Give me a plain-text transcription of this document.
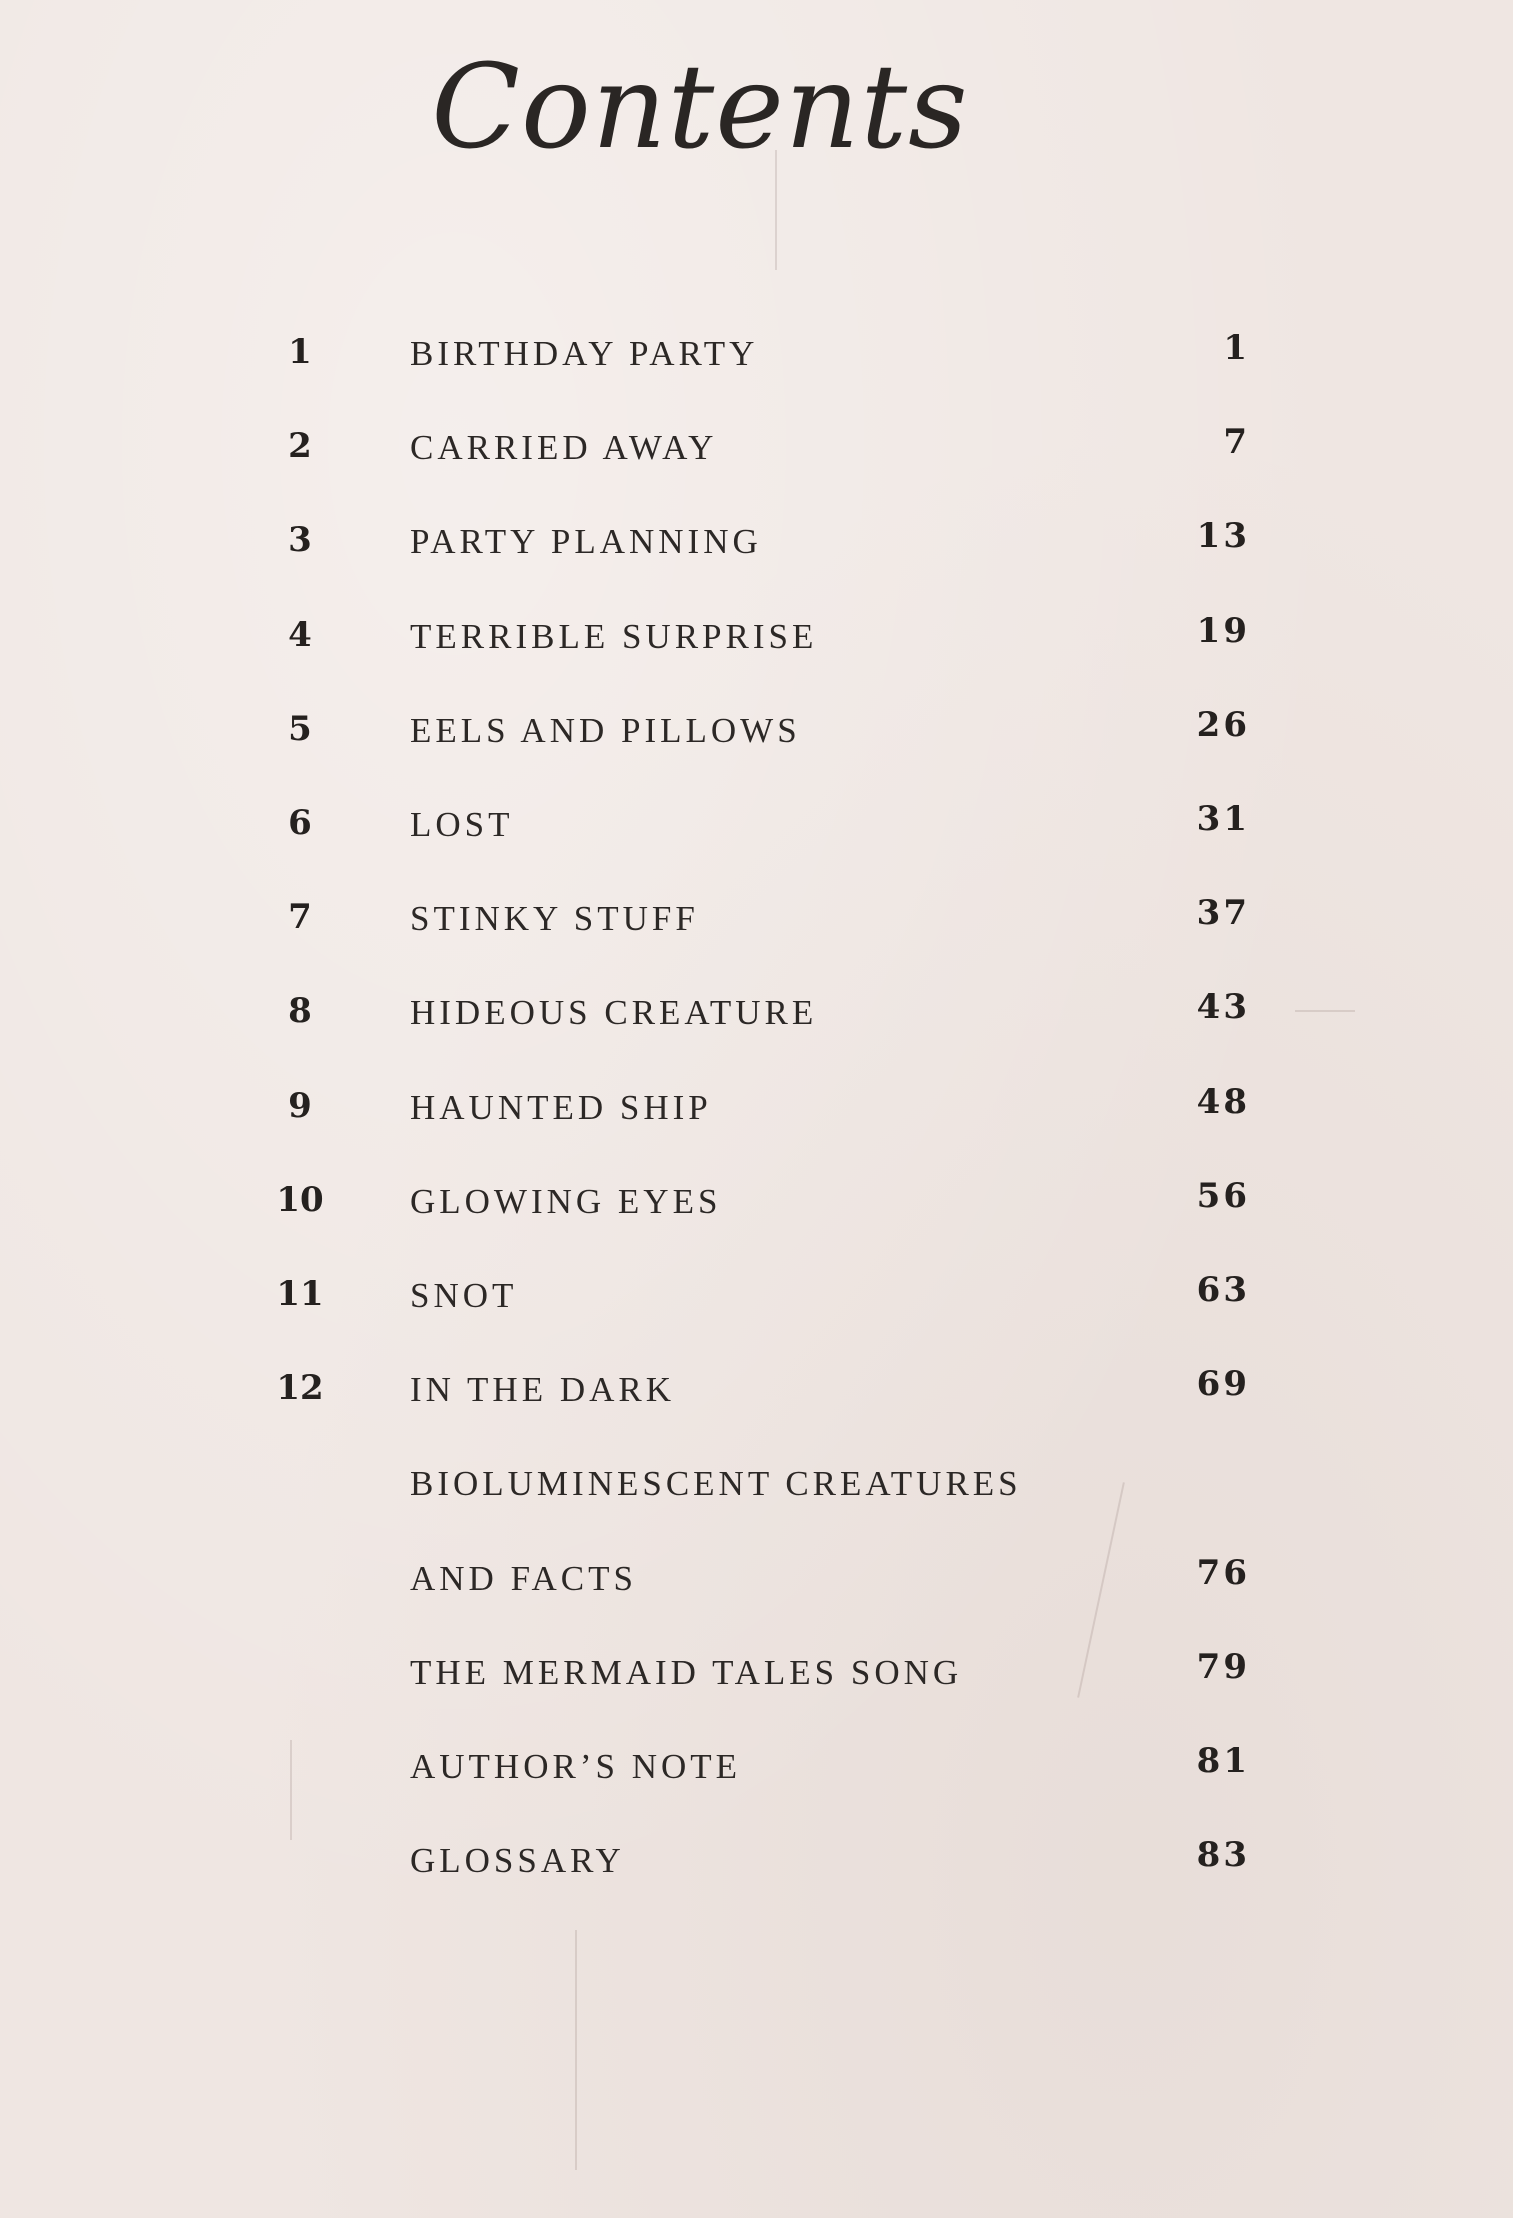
Contents
1	BIRTHDAY PARTY	1
2	CARRIED AWAY	7
3	PARTY PLANNING	13
4	TERRIBLE SURPRISE	19
5	EELS AND PILLOWS	26
6	LOST	31
7	STINKY STUFF	37
8	HIDEOUS CREATURE	43
9	HAUNTED SHIP	48
10 GLOWING EYES	56
11 SNOT	63
12 IN THE DARK	69
BIOLUMINESCENT CREATURES
AND FACTS	76
THE MERMAID TALES SONG	79
AUTHOR’S NOTE	81
GLOSSARY	83
